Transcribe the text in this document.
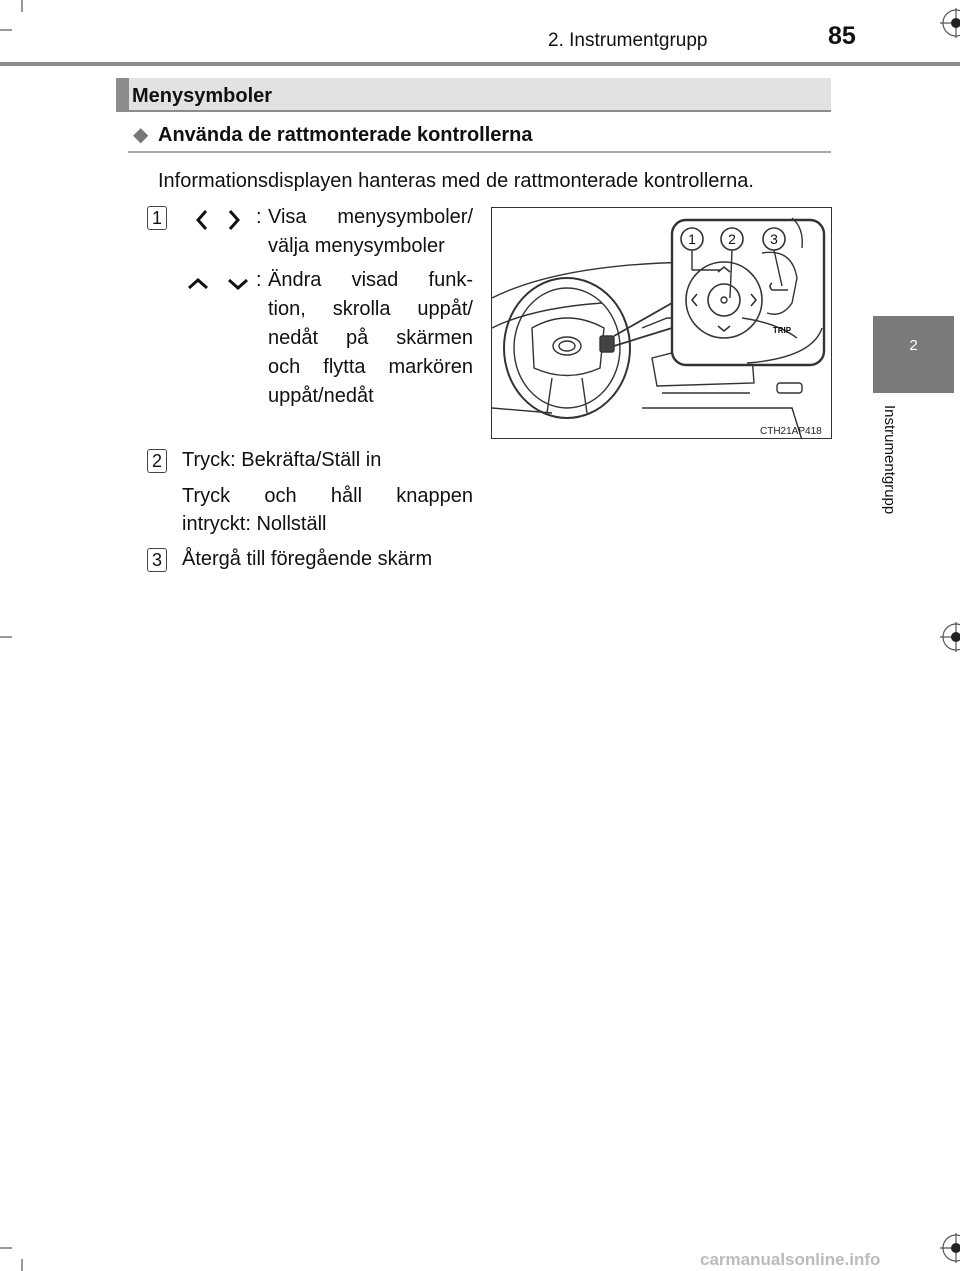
2. Instrumentgrupp	85
2
Instrumentgrupp
Menysymboler
◆ Använda de rattmonterade kontrollerna
Informationsdisplayen hanteras med de rattmonterade kontrollerna.
1	: Visa menysymboler/
välja menysymboler
: Ändra visad funk-
tion, skrolla uppåt/
nedåt på skärmen
och flytta markören
uppåt/nedåt
2 Tryck: Bekräfta/Ställ in
Tryck och håll knappen
intryckt: Nollställ
3 Återgå till föregående skärm
1 2 3
TRIP
CTH21AP418
carmanualsonline.info
